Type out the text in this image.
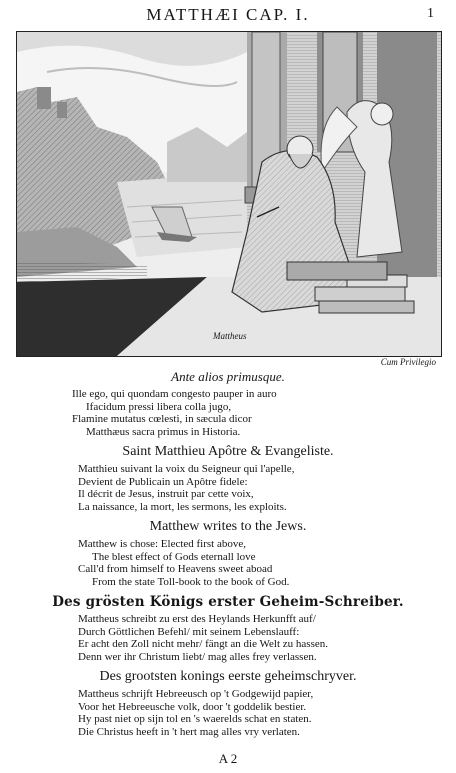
MATTHÆI CAP. I.	1
Mattheus
Cum Privilegio

Ante alios primusque.

Ille ego, qui quondam congesto pauper in auro
Ifacidum pressi libera colla jugo,
Flamine mutatus cœlesti, in sæcula dicor
Matthæus sacra primus in Historia.

Saint Matthieu Apôtre & Evangeliste.

Matthieu suivant la voix du Seigneur qui l'apelle,
Devient de Publicain un Apôtre fidele:
Il décrit de Jesus, instruit par cette voix,
La naissance, la mort, les sermons, les exploits.

Matthew writes to the Jews.

Matthew is chose: Elected first above,
The blest effect of Gods eternall love
Call'd from himself to Heavens sweet aboad
From the state Toll-book to the book of God.

Des grösten Königs erster Geheim-Schreiber.

Mattheus schreibt zu erst des Heylands Herkunfft auf/
Durch Göttlichen Befehl/ mit seinem Lebenslauff:
Er acht den Zoll nicht mehr/ fängt an die Welt zu hassen.
Denn wer ihr Christum liebt/ mag alles frey verlassen.

Des grootsten konings eerste geheimschryver.

Mattheus schrijft Hebreeusch op 't Godgewijd papier,
Voor het Hebreeusche volk, door 't goddelik bestier.
Hy past niet op sijn tol en 's waerelds schat en staten.
Die Christus heeft in 't hert mag alles vry verlaten.
A 2
